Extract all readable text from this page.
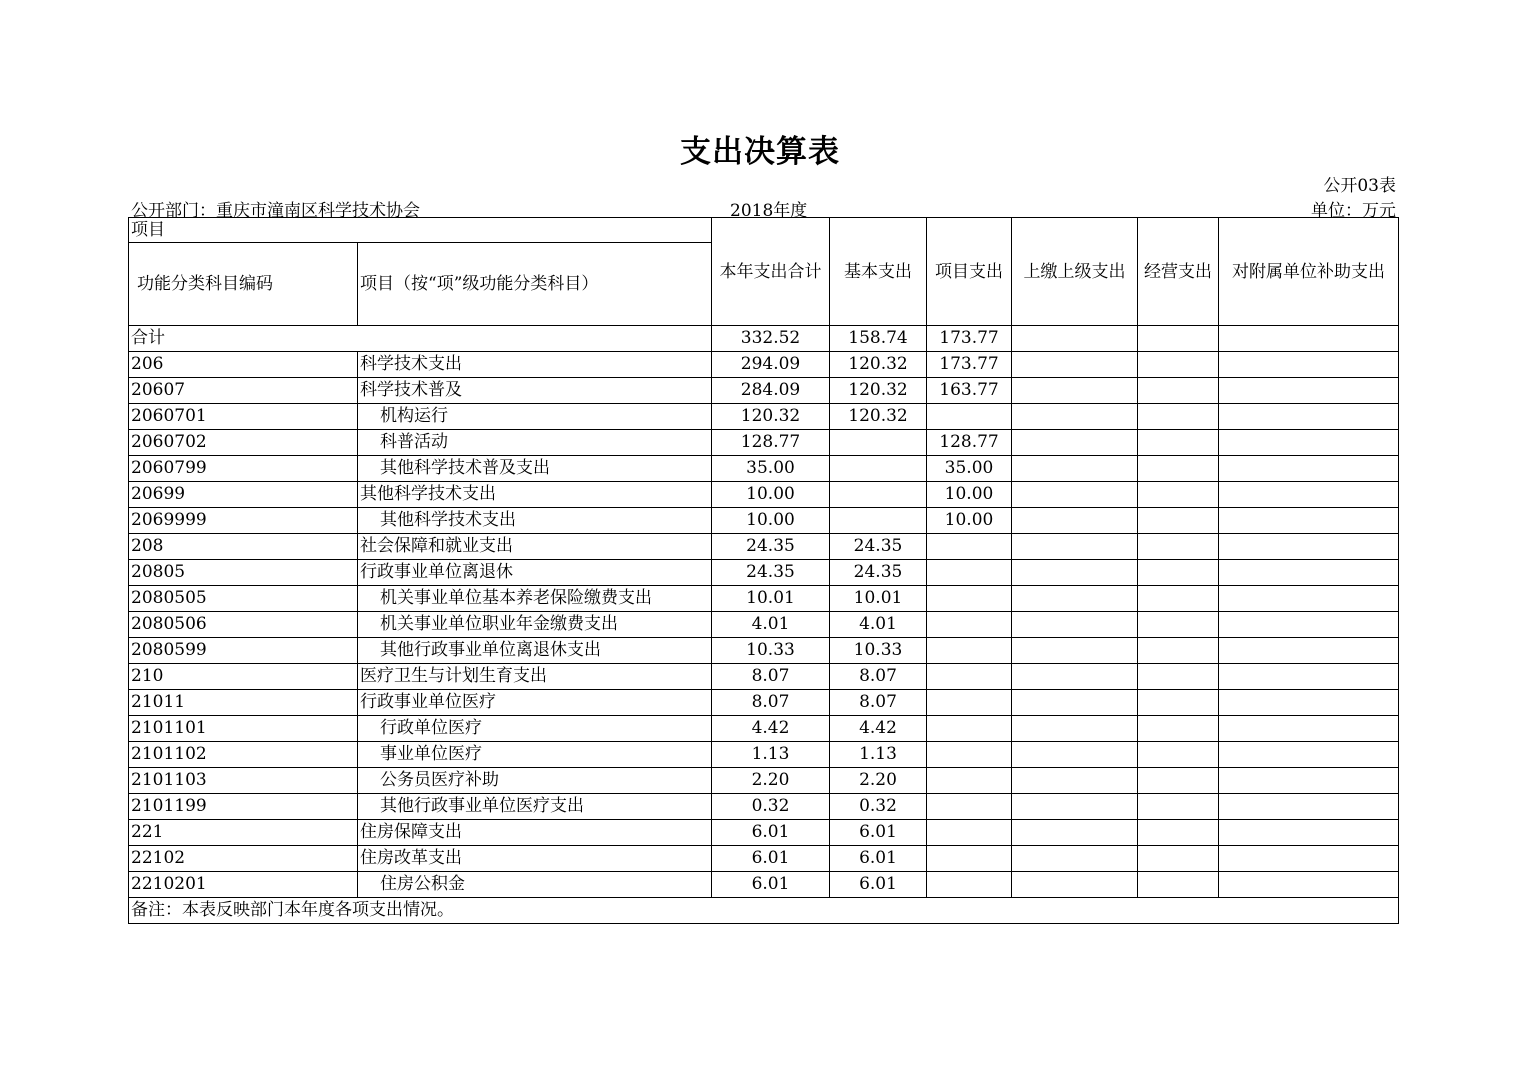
支出决算表
公开03表
公开部门：重庆市潼南区科学技术协会	2018年度	单位：万元
项目		本年支出合计	基本支出	项目支出	上缴上级支出	经营支出	对附属单位补助支出
功能分类科目编码	项目（按“项”级功能分类科目）						
合计		332.52	158.74	173.77			
206	科学技术支出	294.09	120.32	173.77			
20607	科学技术普及	284.09	120.32	163.77			
2060701	机构运行	120.32	120.32				
2060702	科普活动	128.77		128.77			
2060799	其他科学技术普及支出	35.00		35.00			
20699	其他科学技术支出	10.00		10.00			
2069999	其他科学技术支出	10.00		10.00			
208	社会保障和就业支出	24.35	24.35				
20805	行政事业单位离退休	24.35	24.35				
2080505	机关事业单位基本养老保险缴费支出	10.01	10.01				
2080506	机关事业单位职业年金缴费支出	4.01	4.01				
2080599	其他行政事业单位离退休支出	10.33	10.33				
210	医疗卫生与计划生育支出	8.07	8.07				
21011	行政事业单位医疗	8.07	8.07				
2101101	行政单位医疗	4.42	4.42				
2101102	事业单位医疗	1.13	1.13				
2101103	公务员医疗补助	2.20	2.20				
2101199	其他行政事业单位医疗支出	0.32	0.32				
221	住房保障支出	6.01	6.01				
22102	住房改革支出	6.01	6.01				
2210201	住房公积金	6.01	6.01				
备注：本表反映部门本年度各项支出情况。							
